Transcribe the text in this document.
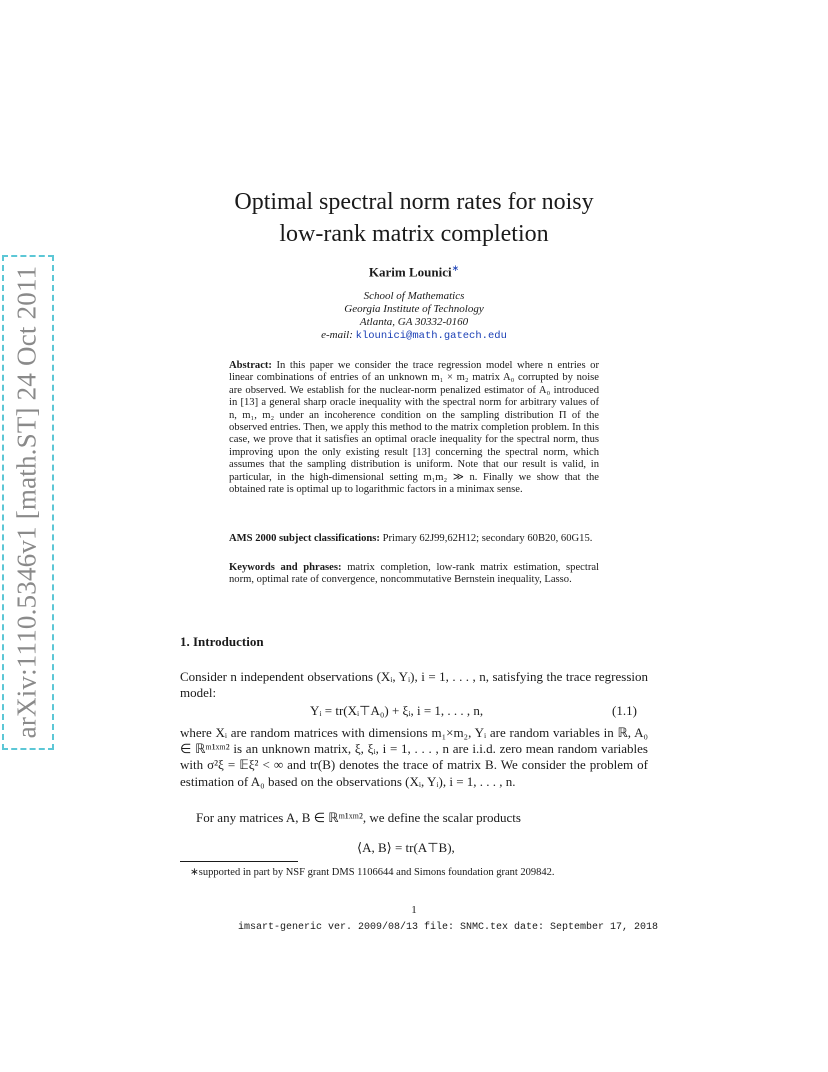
arXiv:1110.5346v1 [math.ST] 24 Oct 2011
Optimal spectral norm rates for noisy
low-rank matrix completion
Karim Lounici∗
School of Mathematics
Georgia Institute of Technology
Atlanta, GA 30332-0160
e-mail: klounici@math.gatech.edu
Abstract: In this paper we consider the trace regression model where n entries or linear combinations of entries of an unknown m₁ × m₂ matrix A₀ corrupted by noise are observed. We establish for the nuclear-norm penalized estimator of A₀ introduced in [13] a general sharp oracle inequality with the spectral norm for arbitrary values of n, m₁, m₂ under an incoherence condition on the sampling distribution Π of the observed entries. Then, we apply this method to the matrix completion problem. In this case, we prove that it satisfies an optimal oracle inequality for the spectral norm, thus improving upon the only existing result [13] concerning the spectral norm, which assumes that the sampling distribution is uniform. Note that our result is valid, in particular, in the high-dimensional setting m₁m₂ ≫ n. Finally we show that the obtained rate is optimal up to logarithmic factors in a minimax sense.
AMS 2000 subject classifications: Primary 62J99,62H12; secondary 60B20, 60G15.
Keywords and phrases: matrix completion, low-rank matrix estimation, spectral norm, optimal rate of convergence, noncommutative Bernstein inequality, Lasso.
1. Introduction
Consider n independent observations (Xᵢ, Yᵢ), i = 1, . . . , n, satisfying the trace regression model:
Yᵢ = tr(Xᵢ⊤A₀) + ξᵢ, i = 1, . . . , n,	(1.1)
where Xᵢ are random matrices with dimensions m₁×m₂, Yᵢ are random variables in ℝ, A₀ ∈ ℝᵐ¹ˣᵐ² is an unknown matrix, ξ, ξᵢ, i = 1, . . . , n are i.i.d. zero mean random variables with σ²ξ = 𝔼ξ² < ∞ and tr(B) denotes the trace of matrix B. We consider the problem of estimation of A₀ based on the observations (Xᵢ, Yᵢ), i = 1, . . . , n.
For any matrices A, B ∈ ℝᵐ¹ˣᵐ², we define the scalar products
⟨A, B⟩ = tr(A⊤B),
∗supported in part by NSF grant DMS 1106644 and Simons foundation grant 209842.
1
imsart-generic ver. 2009/08/13 file: SNMC.tex date: September 17, 2018
